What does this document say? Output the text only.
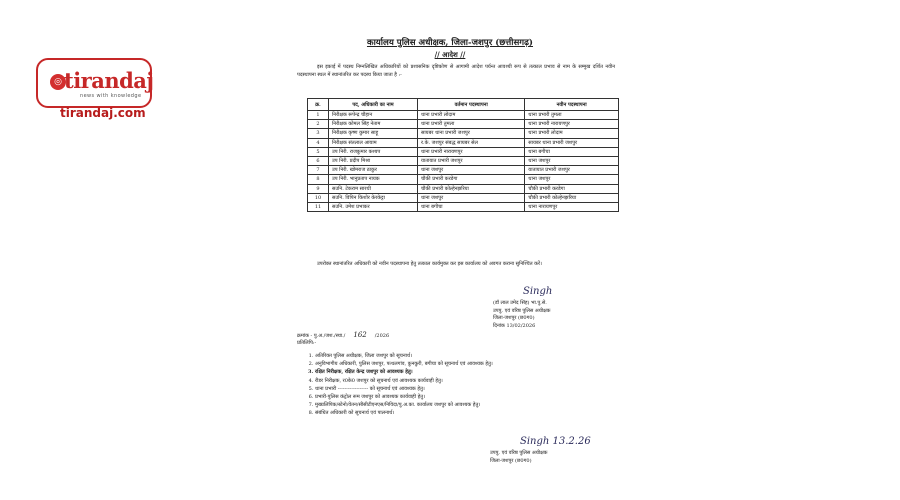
◎ tirandaj
news with knowledge
tirandaj.com
कार्यालय पुलिस अधीक्षक, जिला-जशपुर (छत्तीसगढ़)
// आदेश //
इस इकाई में पदस्थ निम्नलिखित अधिकारियों को प्रशासनिक दृष्टिकोण से आगामी आदेश पर्यन्त आवश्यी रूप से तत्काल प्रभाव से नाम के सम्मुख दर्शित नवीन पदस्थापना स्थल में स्थानांतरित कर पदस्थ किया जाता है :-
क्र.	पद, अधिकारी का नाम	वर्तमान पदस्थापना	नवीन पदस्थापना
1	निरीक्षक रूपेन्द्र चौहान	थाना प्रभारी लोदाम	थाना प्रभारी तुमला
2	निरीक्षक कोमल सिंह नेताम	थाना प्रभारी तुमला	थाना प्रभारी नारायणपुर
3	निरीक्षक कृष्ण कुमार साहू	सायबर थाना प्रभारी जशपुर	थाना प्रभारी लोदाम
4	निरीक्षक संतलाल आयाम	र.के. जशपुर संबद्ध सायबर सेल	सायबर थाना प्रभारी जशपुर
5	उप निरी. राजकुमार कश्यप	थाना प्रभारी नारायणपुर	थाना बगीचा
6	उप निरी. प्रदीप मिश्रा	यातायात प्रभारी जशपुर	थाना जशपुर
7	उप निरी. खोमराज ठाकुर	थाना जशपुर	यातायात प्रभारी जशपुर
8	उप निरी. भानुप्रताप नायक	चौकी प्रभारी करडेगा	थाना जशपुर
9	सउनि. टेकराम सारथी	चौकी प्रभारी कोल्हेनझरिया	चौकी प्रभारी करडेगा
10	सउनि. विपिन किशोर केरकेट्टा	थाना जशपुर	चौकी प्रभारी कोल्हेनझरिया
11	सउनि. उमेश प्रभाकर	थाना बगीचा	थाना नारायणपुर
उपरोक्त स्थानांतरित अधिकारी को नवीन पदस्थापना हेतु तत्काल कार्यमुक्त कर इस कार्यालय को अवगत कराना सुनिश्चित करें।
Singh
(डॉ लाल उमेद सिंह) भा.पु.से.
उपपु. एवं वरिष्ठ पुलिस अधीक्षक
जिला-जशपुर (छ0ग0)
दिनांक 13/02/2026
क्रमांक - पु.अ./जश./स्था./ 162 /2026
प्रतिलिपि:-
1. अतिरिक्त पुलिस अधीक्षक, जिला जशपुर को सूचनार्थ।
2. अनुविभागीय अधिकारी, पुलिस जशपुर, पत्थलगांव, कुनकुरी, बगीचा को सूचनार्थ एवं आवश्यक हेतु।
3. रक्षित निरीक्षक, रक्षित केन्द्र जशपुर को आवश्यक हेतु।
4. रीडर निरीक्षक, र0के0 जशपुर को सूचनार्थ एवं आवश्यक कार्यवाही हेतु।
5. थाना प्रभारी ------------------ को सूचनार्थ एवं आवश्यक हेतु।
6. प्रभारी-पुलिस कंट्रोल रूम जशपुर को आवश्यक कार्यवाही हेतु।
7. मुख्यलिपिक/स्टेनो/वेतन/सीसीटीएनएस/निविदा/पु.अ.का. कार्यालय जशपुर को आवश्यक हेतु।
8. संबंधित अधिकारी को सूचनार्थ एवं पालनार्थ।
Singh 13.2.26
उपपु. एवं वरिष्ठ पुलिस अधीक्षक
जिला-जशपुर (छ0ग0)
